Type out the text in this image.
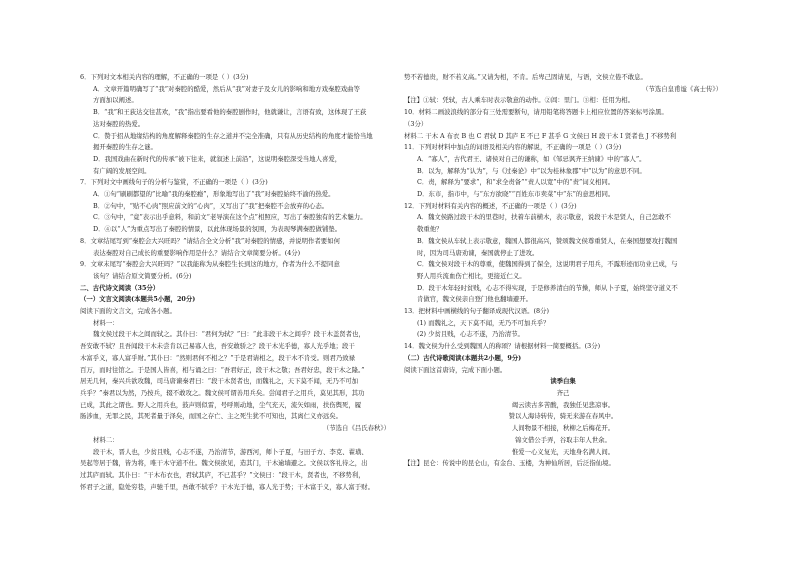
6．下列对文本相关内容的理解，不正确的一项是（ ）(3分)
A．文章开篇明确写了“我”对秦腔的酷爱，然后从“我”对妻子及女儿的影响和地方戏秦腔戏曲等
方面加以阐述。
B．“我”和王荻达交往甚欢，“我”指出要看他的秦腔剧作时，他就谦让，言语有致，这体现了王荻
达对秦腔的热爱。
C．赞于招从地缘结构的角度解释秦腔的生存之道并不完全准确，只有从历史结构的角度才能恰当地
揭开秦腔的生存之谜。
D．我国戏曲在新时代的传承“被下往来，就叙述上前沿”，这说明秦腔深受当地人喜爱，
有广阔的发展空间。
7．下列对文中画线句子的分析与鉴赏，不正确的一项是（ ）(3分)
A．①句“刷刷都望的”比喻“我的秦腔瘾”，形象地写出了“我”对秦腔始终不渝的热爱。
B．②句中，“贴不心肉”照应前文的“心肉”，又写出了“我”把秦腔不会放弃的心态。
C．③句中，“竟”表示出乎意料，和前文“老导演在这个点”相照应，写出了秦腔独有的艺术魅力。
D．④以“人”为重点写出了秦腔的情景，以此体现场景的氛围，为表现琴满秦腔做铺垫。
8．文章结尾写到“秦腔会大兴旺吗？”请结合全文分析“我”对秦腔的情感，并说明作者要如何
表达秦腔对自己成长的重要影响作用是什么？请结合文章简要分析。(4分)
9．文章末尾写“秦腔会大兴旺吗？”以我能称为从秦腔生长到这的地方，作者为什么不提同意
该句？请结合原文简要分析。(6分)
二、古代诗文阅读（35分）
（一）文言文阅读(本题共5小题，20分)
阅读下面的文言文，完成各小题。
材料一：
魏文侯过段干木之闾而轼之。其仆曰：“君何为轼？”曰：“此非段干木之闾乎？段干木盖贤者也，
吾安敢不轼？且吾闻段干木未尝肯以己易寡人也，吾安敢骄之？段干木光乎德，寡人光乎地；段干
木富乎义，寡人富乎财。”其仆曰：“然则君何不相之？”于是君请相之，段干木不肯受。则君乃致禄
百万，而时往馆之。于是国人皆喜，相与诵之曰：“吾君好正，段干木之敬；吾君好忠，段干木之隆。”
居无几何，秦兴兵欲攻魏，司马唐谏秦君曰：“段干木贤者也，而魏礼之，天下莫不闻，无乃不可加
兵乎？”秦君以为然，乃按兵，辍不敢攻之。魏文侯可谓善用兵矣。尝闻君子之用兵，莫见其形，其功
已成，其此之谓也。野人之用兵也，鼓声则似雷，号呼则动地，尘气充天，流矢如雨，扶伤舆死，履
肠涉血，无罪之民，其死者量于泽矣，而国之存亡、主之死生犹不可知也，其离仁义亦远矣。
（节选自《吕氏春秋》）
材料二：
段干木，晋人也，少贫且贱，心志不遂，乃治清节，游西河，师卜子夏，与田子方、李克、翟璜、
吴起等居于魏，皆为将，唯干木守道不仕。魏文侯欲见，造其门，干木逾墙避之。文侯以客礼待之，出
过其庐而轼。其仆曰：“干木布衣也，君轼其庐，不已甚乎？”文侯曰：“段干木，贤者也，不移势利，
怀君子之道，隐处穷巷，声驰千里，吾敢不轼乎？干木光于德，寡人光于势；干木富于义，寡人富于财。
势不若德贵，财不若义高。”又请为相，不肯。后卑己固请见，与语，文侯立倦不敢息。
（节选自皇甫谧《高士传》）
【注】①轼：凭轼，古人乘车时表示敬意的动作。②闾：里门。③相：任用为相。
10．材料二画波浪线的部分有三处需要断句，请用铅笔将答题卡上相应位置的答案标号涂黑。
（3分）
材料二 干木 A 布衣 B 也 C 君轼 D 其庐 E 不已 F 甚乎 G 文侯曰 H 段干木 I 贤者也 J 不移势利
11．下列对材料中加点的词语及相关内容的解说，不正确的一项是（ ）(3分)
A．“寡人”，古代君王、诸侯对自己的谦称，如《邹忌讽齐王纳谏》中的“寡人”。
B．以为，解释为“认为”，与《过秦论》中“以为桂林象郡”中“以为”的意思不同。
C．责，解释为“要求”，和“求全责备”“责人以宽”中的“责”词义相同。
D．东市，指市中，与“东方欲晓”“百姓东市卖菜”中“东”的意思相同。
12．下列对材料有关内容的概述，不正确的一项是（ ）(3分)
A．魏文侯路过段干木的里巷时，扶着车前横木，表示敬意，说段干木是贤人，自己怎敢不
敬重他？
B．魏文侯从车轼上表示敬意，魏国人都很高兴，赞颂魏文侯尊重贤人，在秦国想要攻打魏国
时，因为司马唐劝谏，秦国就停止了进攻。
C．魏文侯对段干木的尊重，使魏国得到了保全，这说明君子用兵，不露形迹而功业已成，与
野人用兵流血伤亡相比，更接近仁义。
D．段干木年轻时贫贱，心志不得实现，于是修养清白的节操，师从卜子夏，始终坚守道义不
肯做官，魏文侯亲自登门他也翻墙避开。
13．把材料中画横线的句子翻译成现代汉语。(8分)
(1) 而魏礼之，天下莫不闻，无乃不可加兵乎？
(2) 少贫且贱，心志不遂，乃治清节。
14．魏文侯为什么受到魏国人的称颂？请根据材料一简要概括。(3分)
（二）古代诗歌阅读(本题共2小题，9分)
阅读下面这首唐诗，完成下面小题。
读季白集
齐己
竭云读古多苦酸，我独任见悲凉事。
赞以人海诗转传，骑无来游在春风中。
人间物景不相接，秋柳之后梅花开。
锦文借公手弄，谷取丰年人世余。
惟爱一心义复光，天地身名满人间。
【注】昆仑：传说中的昆仑山，有金台、玉楼，为神仙所居，后泛指仙境。
